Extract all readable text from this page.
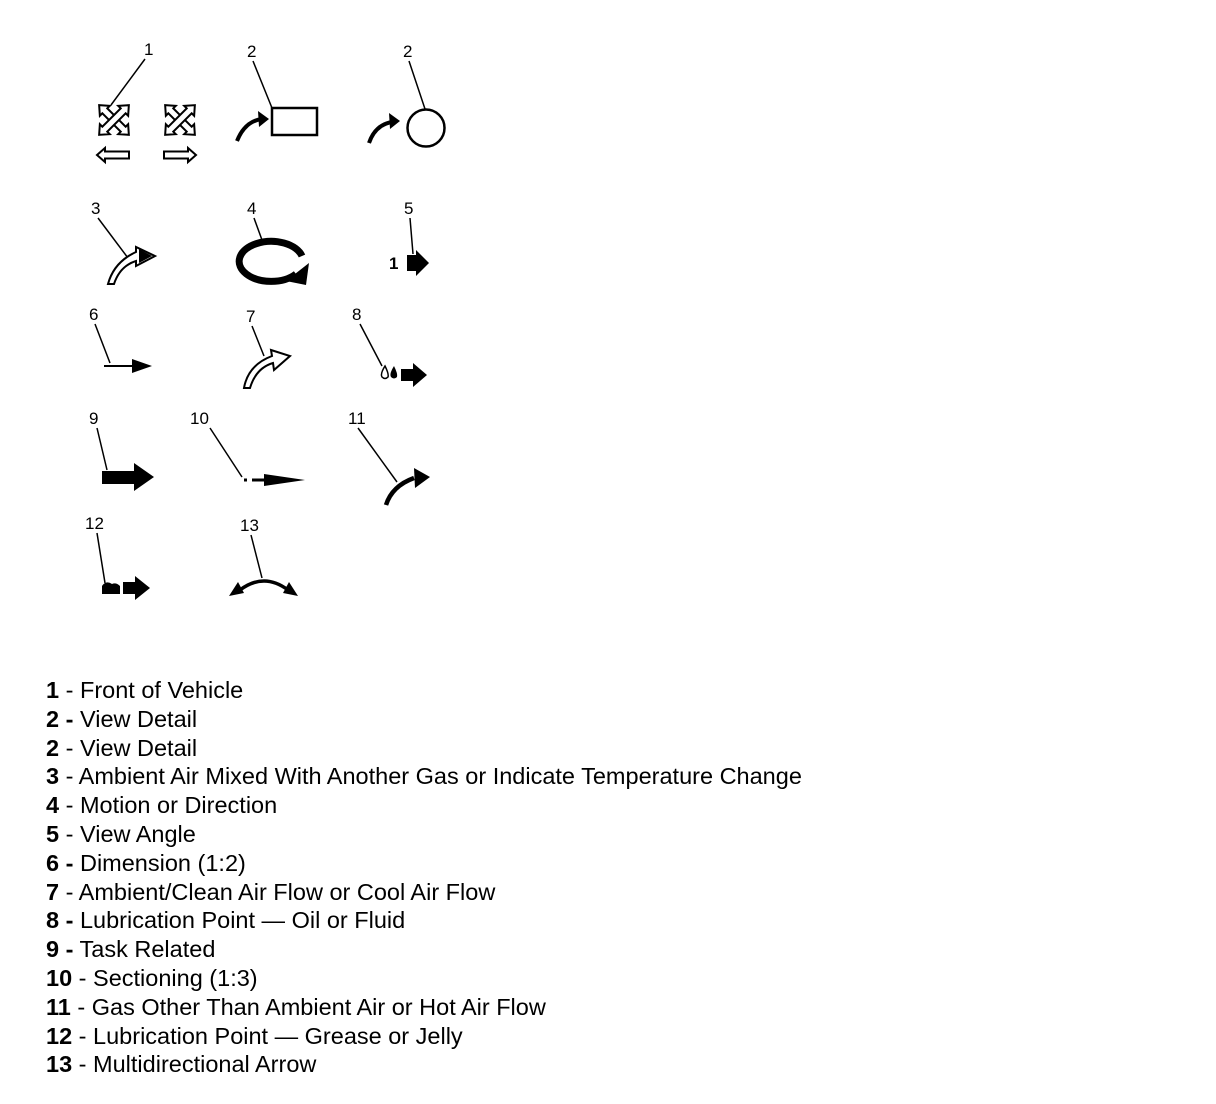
1	2	2
3	4	5
1
6	7	8
9	10	11
12	13
1 - Front of Vehicle
2 - View Detail
2 - View Detail
3 - Ambient Air Mixed With Another Gas or Indicate Temperature Change
4 - Motion or Direction
5 - View Angle
6 - Dimension (1:2)
7 - Ambient/Clean Air Flow or Cool Air Flow
8 - Lubrication Point — Oil or Fluid
9 - Task Related
10 - Sectioning (1:3)
11 - Gas Other Than Ambient Air or Hot Air Flow
12 - Lubrication Point — Grease or Jelly
13 - Multidirectional Arrow
